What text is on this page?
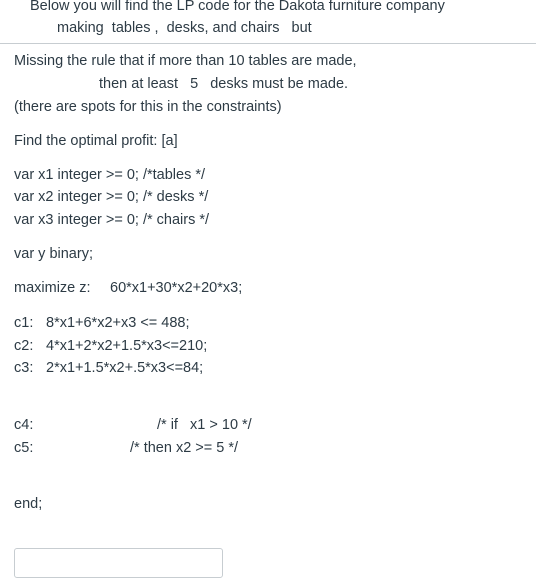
Below you will find the LP code for the Dakota furniture company
making  tables ,  desks, and chairs   but
Missing the rule that if more than 10 tables are made,
then at least   5   desks must be made.
(there are spots for this in the constraints)
Find the optimal profit: [a]
var x1 integer >= 0; /*tables */
var x2 integer >= 0; /* desks */
var x3 integer >= 0; /* chairs */
var y binary;
maximize z: 60*x1+30*x2+20*x3;
c1: 8*x1+6*x2+x3 <= 488;
c2: 4*x1+2*x2+1.5*x3<=210;
c3: 2*x1+1.5*x2+.5*x3<=84;
c4:	/* if   x1 > 10 */
c5:	/* then x2 >= 5 */
end;
